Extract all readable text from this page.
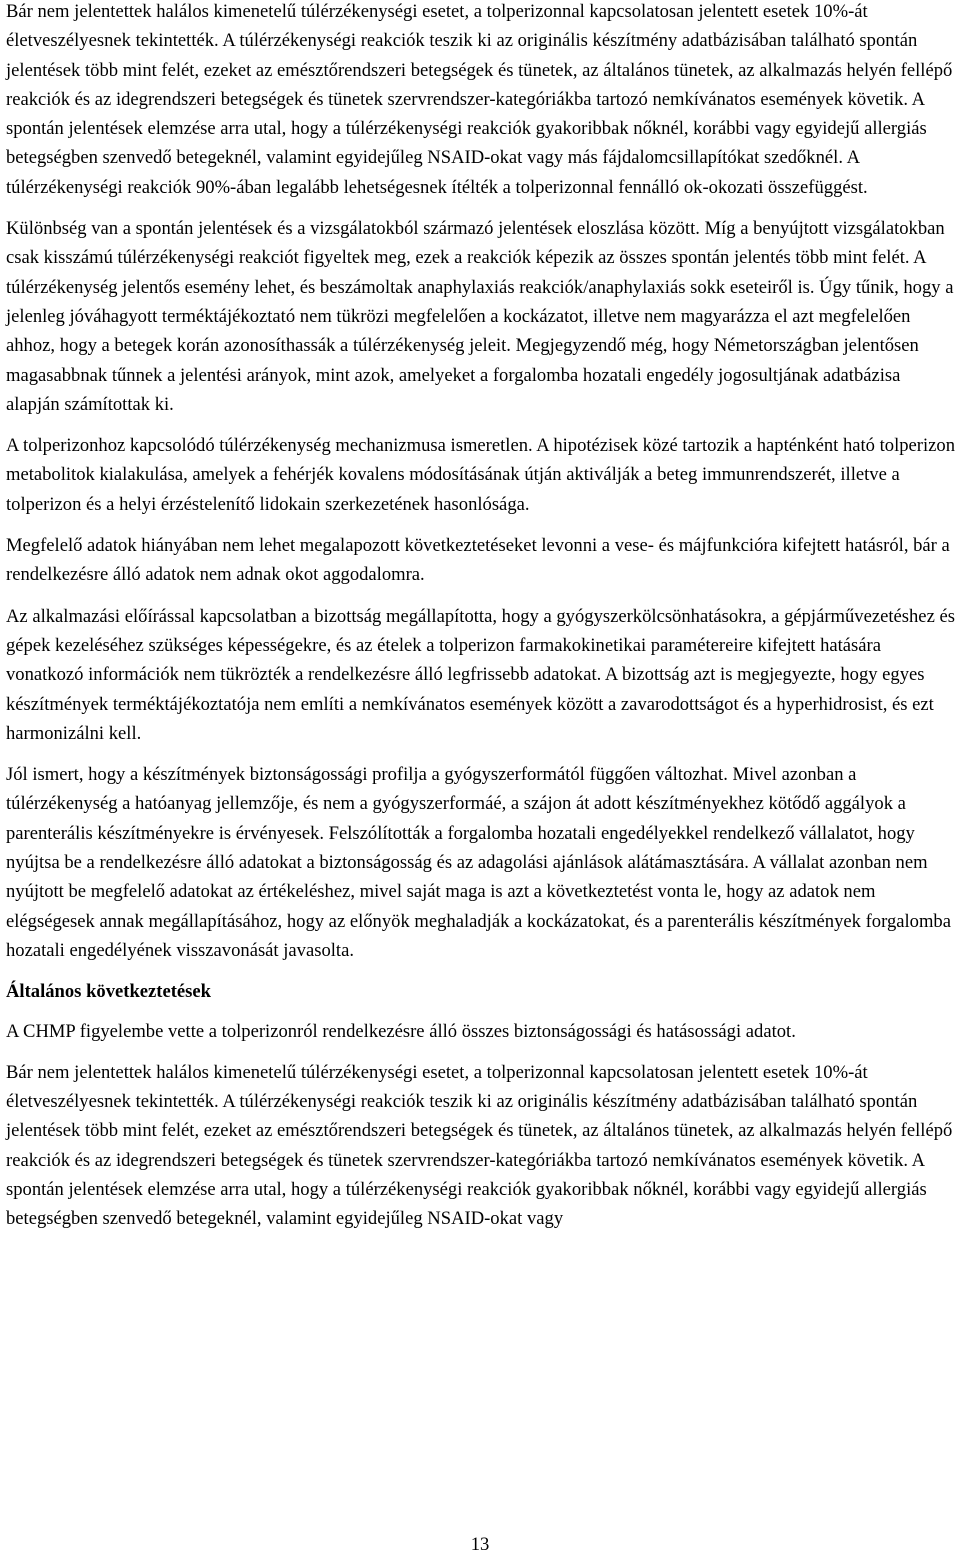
Bár nem jelentettek halálos kimenetelű túlérzékenységi esetet, a tolperizonnal kapcsolatosan jelentett esetek 10%-át életveszélyesnek tekintették. A túlérzékenységi reakciók teszik ki az originális készítmény adatbázisában található spontán jelentések több mint felét, ezeket az emésztőrendszeri betegségek és tünetek, az általános tünetek, az alkalmazás helyén fellépő reakciók és az idegrendszeri betegségek és tünetek szervrendszer-kategóriákba tartozó nemkívánatos események követik. A spontán jelentések elemzése arra utal, hogy a túlérzékenységi reakciók gyakoribbak nőknél, korábbi vagy egyidejű allergiás betegségben szenvedő betegeknél, valamint egyidejűleg NSAID-okat vagy más fájdalomcsillapítókat szedőknél. A túlérzékenységi reakciók 90%-ában legalább lehetségesnek ítélték a tolperizonnal fennálló ok-okozati összefüggést.

Különbség van a spontán jelentések és a vizsgálatokból származó jelentések eloszlása között. Míg a benyújtott vizsgálatokban csak kisszámú túlérzékenységi reakciót figyeltek meg, ezek a reakciók képezik az összes spontán jelentés több mint felét. A túlérzékenység jelentős esemény lehet, és beszámoltak anaphylaxiás reakciók/anaphylaxiás sokk eseteiről is. Úgy tűnik, hogy a jelenleg jóváhagyott terméktájékoztató nem tükrözi megfelelően a kockázatot, illetve nem magyarázza el azt megfelelően ahhoz, hogy a betegek korán azonosíthassák a túlérzékenység jeleit. Megjegyzendő még, hogy Németországban jelentősen magasabbnak tűnnek a jelentési arányok, mint azok, amelyeket a forgalomba hozatali engedély jogosultjának adatbázisa alapján számítottak ki.

A tolperizonhoz kapcsolódó túlérzékenység mechanizmusa ismeretlen. A hipotézisek közé tartozik a hapténként ható tolperizon metabolitok kialakulása, amelyek a fehérjék kovalens módosításának útján aktiválják a beteg immunrendszerét, illetve a tolperizon és a helyi érzéstelenítő lidokain szerkezetének hasonlósága.

Megfelelő adatok hiányában nem lehet megalapozott következtetéseket levonni a vese- és májfunkcióra kifejtett hatásról, bár a rendelkezésre álló adatok nem adnak okot aggodalomra.

Az alkalmazási előírással kapcsolatban a bizottság megállapította, hogy a gyógyszerkölcsönhatásokra, a gépjárművezetéshez és gépek kezeléséhez szükséges képességekre, és az ételek a tolperizon farmakokinetikai paramétereire kifejtett hatására vonatkozó információk nem tükrözték a rendelkezésre álló legfrissebb adatokat. A bizottság azt is megjegyezte, hogy egyes készítmények terméktájékoztatója nem említi a nemkívánatos események között a zavarodottságot és a hyperhidrosist, és ezt harmonizálni kell.

Jól ismert, hogy a készítmények biztonságossági profilja a gyógyszerformától függően változhat. Mivel azonban a túlérzékenység a hatóanyag jellemzője, és nem a gyógyszerformáé, a szájon át adott készítményekhez kötődő aggályok a parenterális készítményekre is érvényesek. Felszólították a forgalomba hozatali engedélyekkel rendelkező vállalatot, hogy nyújtsa be a rendelkezésre álló adatokat a biztonságosság és az adagolási ajánlások alátámasztására. A vállalat azonban nem nyújtott be megfelelő adatokat az értékeléshez, mivel saját maga is azt a következtetést vonta le, hogy az adatok nem elégségesek annak megállapításához, hogy az előnyök meghaladják a kockázatokat, és a parenterális készítmények forgalomba hozatali engedélyének visszavonását javasolta.

Általános következtetések

A CHMP figyelembe vette a tolperizonról rendelkezésre álló összes biztonságossági és hatásossági adatot.

Bár nem jelentettek halálos kimenetelű túlérzékenységi esetet, a tolperizonnal kapcsolatosan jelentett esetek 10%-át életveszélyesnek tekintették. A túlérzékenységi reakciók teszik ki az originális készítmény adatbázisában található spontán jelentések több mint felét, ezeket az emésztőrendszeri betegségek és tünetek, az általános tünetek, az alkalmazás helyén fellépő reakciók és az idegrendszeri betegségek és tünetek szervrendszer-kategóriákba tartozó nemkívánatos események követik. A spontán jelentések elemzése arra utal, hogy a túlérzékenységi reakciók gyakoribbak nőknél, korábbi vagy egyidejű allergiás betegségben szenvedő betegeknél, valamint egyidejűleg NSAID-okat vagy

13
